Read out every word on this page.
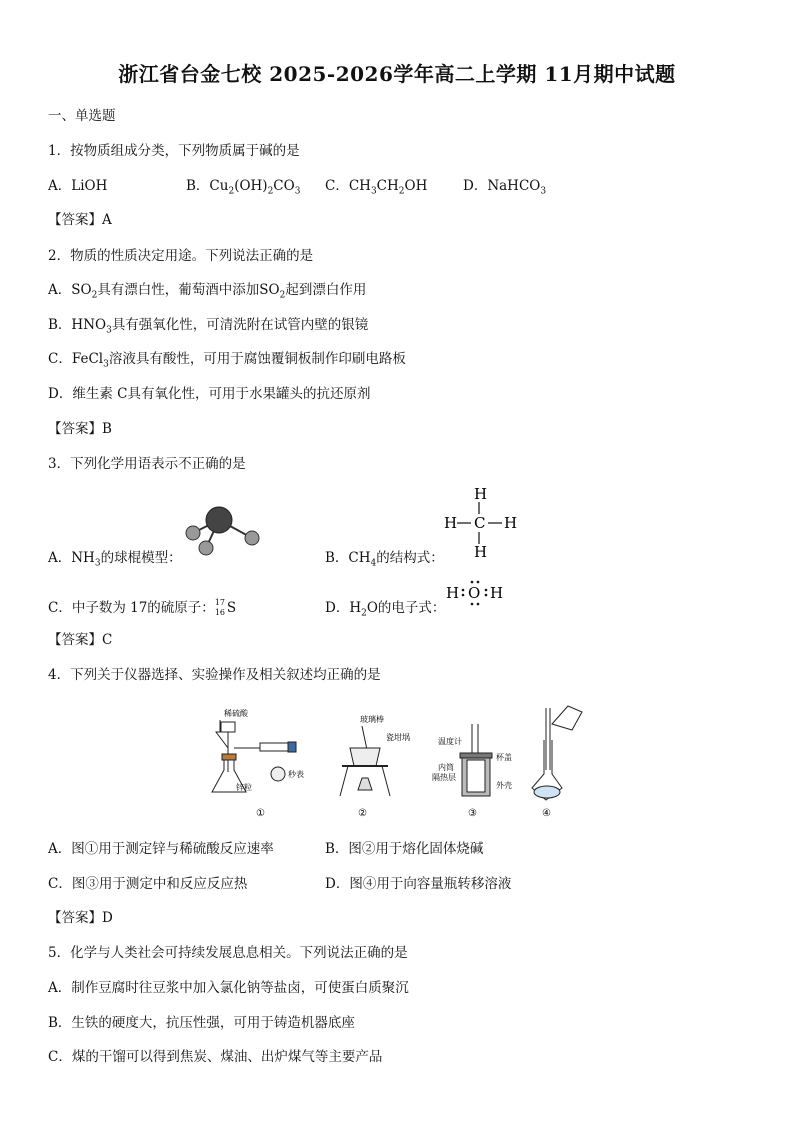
浙江省台金七校 2025-2026学年高二上学期 11月期中试题
一、单选题
1．按物质组成分类，下列物质属于碱的是
A．LiOH	B．$Cu_2(OH)_2CO_3$ C．$CH_3CH_2OH$	D．NaHCO$_3$
【答案】A
2．物质的性质决定用途。下列说法正确的是
A．$SO_2$具有漂白性，葡萄酒中添加$SO_2$起到漂白作用
B．$HNO_3$具有强氧化性，可清洗附在试管内壁的银镜
C．FeCl$_3$溶液具有酸性，可用于腐蚀覆铜板制作印刷电路板
D．维生素 C具有氧化性，可用于水果罐头的抗还原剂
【答案】B
3．下列化学用语表示不正确的是
A．$NH_3$的球棍模型：
H
H C H
H
B．$CH_4$的结构式：
C．中子数为 17的硫原子： 17
16 S
H O H
D．$H_2O$的电子式：
【答案】C
4．下列关于仪器选择、实验操作及相关叙述均正确的是
稀硫酸
锌粒
秒表
①
玻璃棒
瓷坩埚
②
温度计
杯盖
内筒
隔热层
外壳
③	④
A．图①用于测定锌与稀硫酸反应速率	B．图②用于熔化固体烧碱
C．图③用于测定中和反应反应热	D．图④用于向容量瓶转移溶液
【答案】D
5．化学与人类社会可持续发展息息相关。下列说法正确的是
A．制作豆腐时往豆浆中加入氯化钠等盐卤，可使蛋白质聚沉
B．生铁的硬度大，抗压性强，可用于铸造机器底座
C．煤的干馏可以得到焦炭、煤油、出炉煤气等主要产品
